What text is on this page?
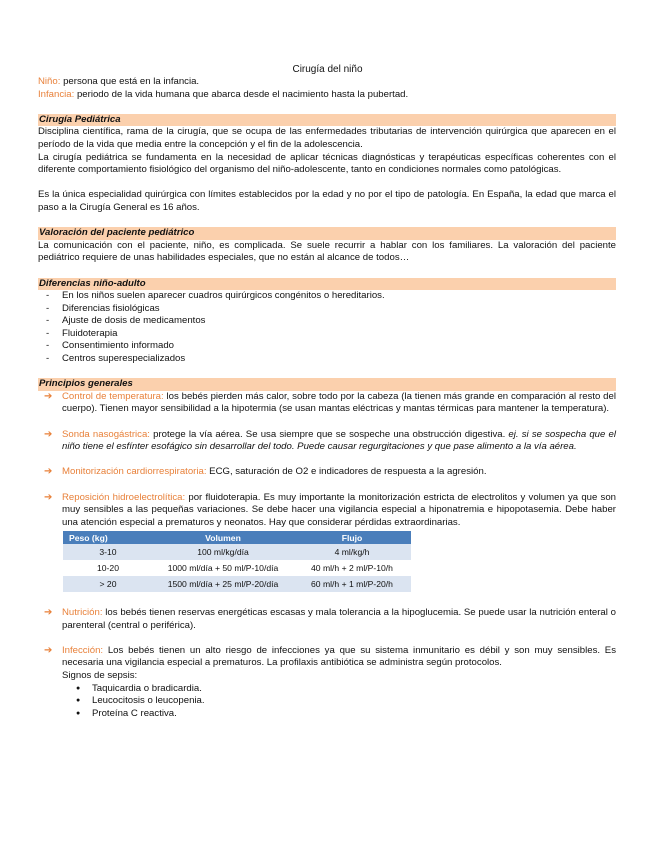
Cirugía del niño

Niño: persona que está en la infancia.

Infancia: periodo de la vida humana que abarca desde el nacimiento hasta la pubertad.

Cirugía Pediátrica

Disciplina científica, rama de la cirugía, que se ocupa de las enfermedades tributarias de intervención quirúrgica que aparecen en el período de la vida que media entre la concepción y el fin de la adolescencia.

La cirugía pediátrica se fundamenta en la necesidad de aplicar técnicas diagnósticas y terapéuticas específicas coherentes con el diferente comportamiento fisiológico del organismo del niño-adolescente, tanto en condiciones normales como patológicas.

Es la única especialidad quirúrgica con límites establecidos por la edad y no por el tipo de patología. En España, la edad que marca el paso a la Cirugía General es 16 años.

Valoración del paciente pediátrico

La comunicación con el paciente, niño, es complicada. Se suele recurrir a hablar con los familiares. La valoración del paciente pediátrico requiere de unas habilidades especiales, que no están al alcance de todos…

Diferencias niño-adulto
- En los niños suelen aparecer cuadros quirúrgicos congénitos o hereditarios.
- Diferencias fisiológicas
- Ajuste de dosis de medicamentos
- Fluidoterapia
- Consentimiento informado
- Centros superespecializados
Principios generales
➔ Control de temperatura: los bebés pierden más calor, sobre todo por la cabeza (la tienen más grande en comparación al resto del cuerpo). Tienen mayor sensibilidad a la hipotermia (se usan mantas eléctricas y mantas térmicas para mantener la temperatura).

➔ Sonda nasogástrica: protege la vía aérea. Se usa siempre que se sospeche una obstrucción digestiva. ej. si se sospecha que el niño tiene el esfínter esofágico sin desarrollar del todo. Puede causar regurgitaciones y que pase alimento a la vía aérea.

➔ Monitorización cardiorrespiratoria: ECG, saturación de O2 e indicadores de respuesta a la agresión.

➔ Reposición hidroelectrolítica: por fluidoterapia. Es muy importante la monitorización estricta de electrolitos y volumen ya que son muy sensibles a las pequeñas variaciones. Se debe hacer una vigilancia especial a hiponatremia e hipopotasemia. Debe haber una atención especial a prematuros y neonatos. Hay que considerar pérdidas extraordinarias.

Peso (kg)	Volumen	Flujo
3-10	100 ml/kg/día	4 ml/kg/h
10-20	1000 ml/día + 50 ml/P-10/día	40 ml/h + 2 ml/P-10/h
> 20	1500 ml/día + 25 ml/P-20/día	60 ml/h + 1 ml/P-20/h
➔ Nutrición: los bebés tienen reservas energéticas escasas y mala tolerancia a la hipoglucemia. Se puede usar la nutrición enteral o parenteral (central o periférica).

➔ Infección: Los bebés tienen un alto riesgo de infecciones ya que su sistema inmunitario es débil y son muy sensibles. Es necesaria una vigilancia especial a prematuros. La profilaxis antibiótica se administra según protocolos.

Signos de sepsis:

● Taquicardia o bradicardia.
● Leucocitosis o leucopenia.
● Proteína C reactiva.
